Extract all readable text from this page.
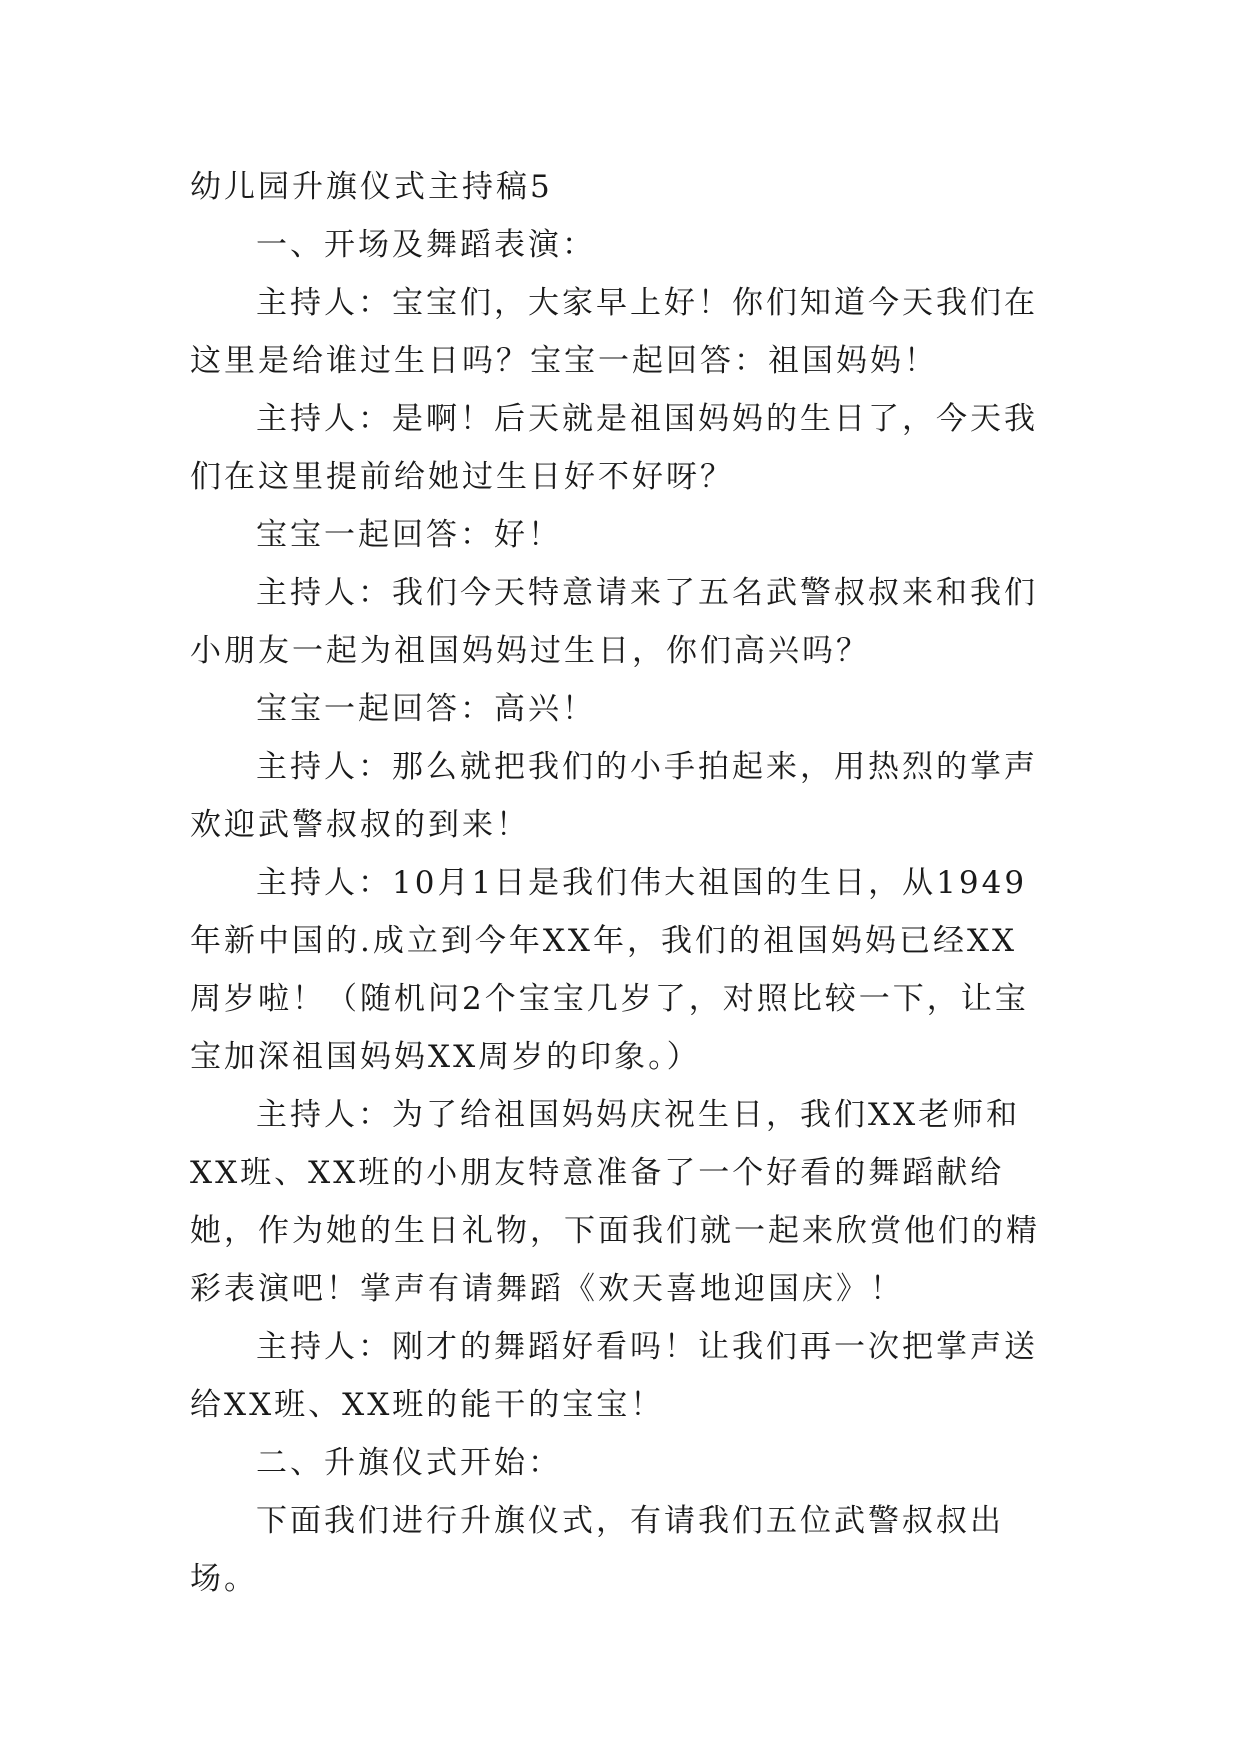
幼儿园升旗仪式主持稿5

一、开场及舞蹈表演：

主持人：宝宝们，大家早上好！你们知道今天我们在这里是给谁过生日吗？宝宝一起回答：祖国妈妈！

主持人：是啊！后天就是祖国妈妈的生日了，今天我们在这里提前给她过生日好不好呀？

宝宝一起回答：好！

主持人：我们今天特意请来了五名武警叔叔来和我们小朋友一起为祖国妈妈过生日，你们高兴吗？

宝宝一起回答：高兴！

主持人：那么就把我们的小手拍起来，用热烈的掌声欢迎武警叔叔的到来！

主持人：10月1日是我们伟大祖国的生日，从1949年新中国的.成立到今年XX年，我们的祖国妈妈已经XX周岁啦！（随机问2个宝宝几岁了，对照比较一下，让宝宝加深祖国妈妈XX周岁的印象。）

主持人：为了给祖国妈妈庆祝生日，我们XX老师和XX班、XX班的小朋友特意准备了一个好看的舞蹈献给她，作为她的生日礼物，下面我们就一起来欣赏他们的精彩表演吧！掌声有请舞蹈《欢天喜地迎国庆》！

主持人：刚才的舞蹈好看吗！让我们再一次把掌声送给XX班、XX班的能干的宝宝！

二、升旗仪式开始：

下面我们进行升旗仪式，有请我们五位武警叔叔出场。
